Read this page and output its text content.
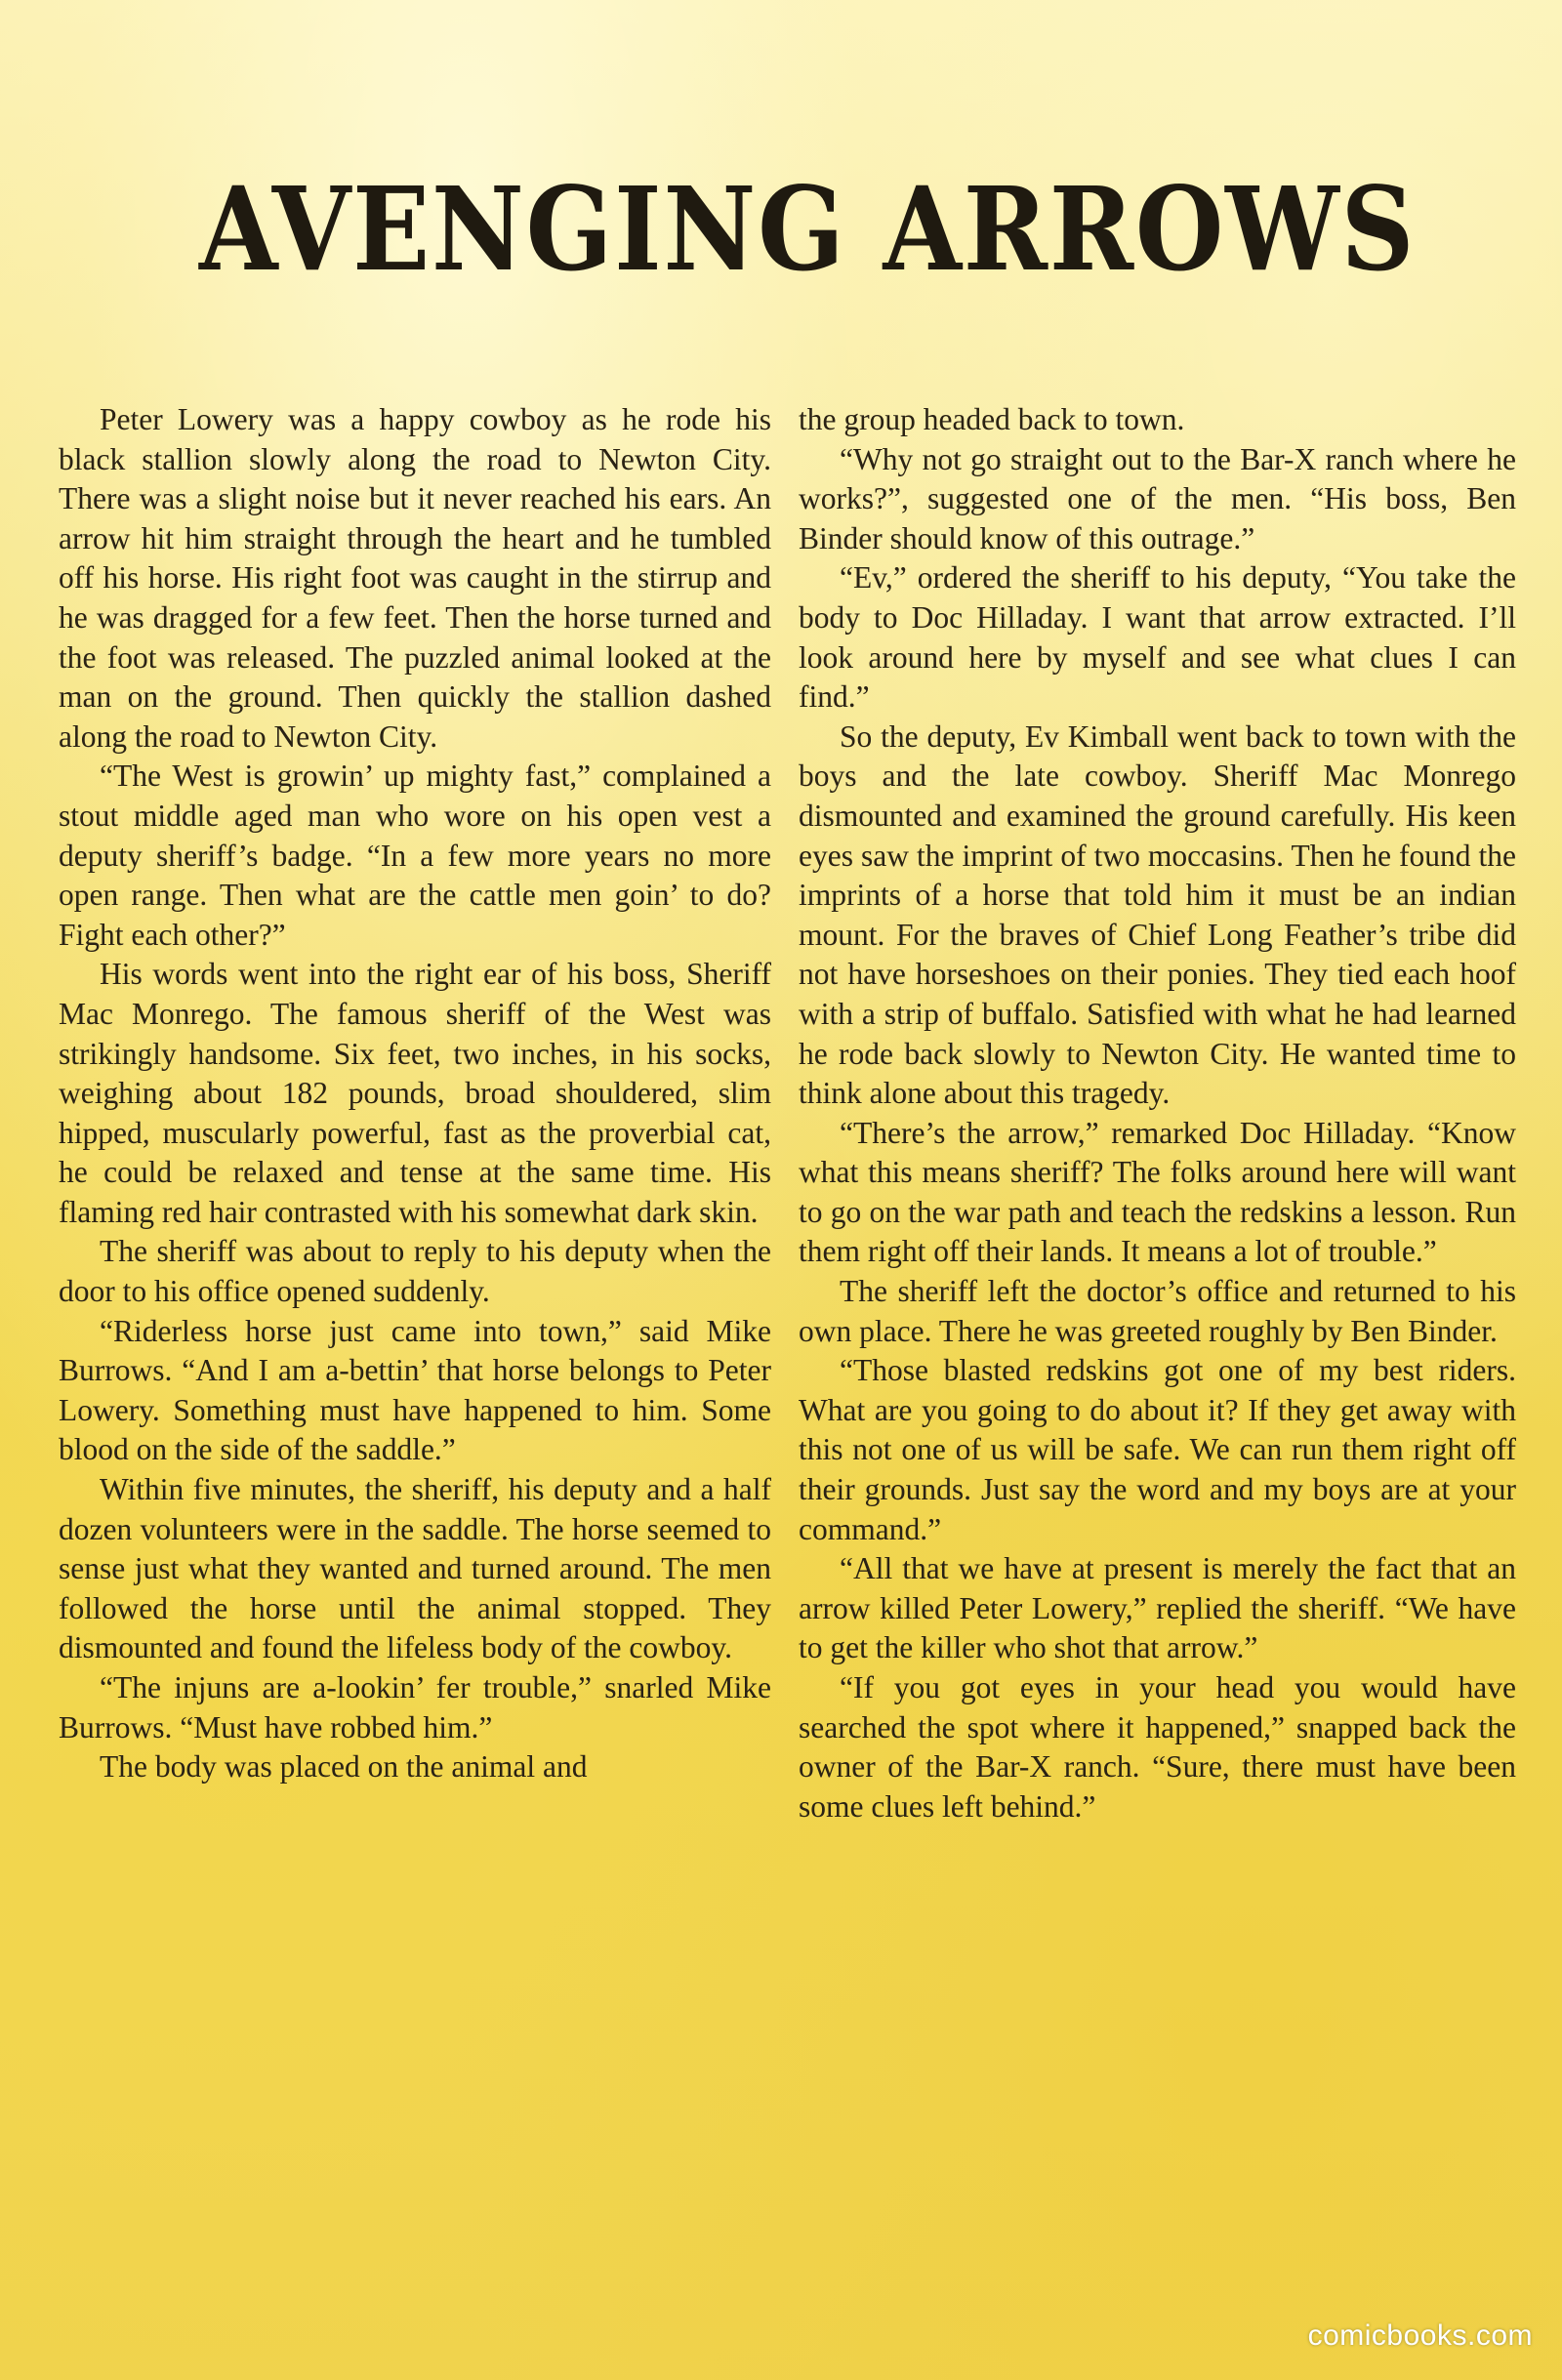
AVENGING ARROWS

Peter Lowery was a happy cowboy as he rode his black stallion slowly along the road to Newton City. There was a slight noise but it never reached his ears. An arrow hit him straight through the heart and he tumbled off his horse. His right foot was caught in the stirrup and he was dragged for a few feet. Then the horse turned and the foot was released. The puzzled animal looked at the man on the ground. Then quickly the stallion dashed along the road to Newton City.

“The West is growin’ up mighty fast,” complained a stout middle aged man who wore on his open vest a deputy sheriff’s badge. “In a few more years no more open range. Then what are the cattle men goin’ to do? Fight each other?”

His words went into the right ear of his boss, Sheriff Mac Monrego. The famous sheriff of the West was strikingly handsome. Six feet, two inches, in his socks, weighing about 182 pounds, broad shouldered, slim hipped, muscularly powerful, fast as the proverbial cat, he could be relaxed and tense at the same time. His flaming red hair contrasted with his somewhat dark skin.

The sheriff was about to reply to his deputy when the door to his office opened suddenly.

“Riderless horse just came into town,” said Mike Burrows. “And I am a-bettin’ that horse belongs to Peter Lowery. Something must have happened to him. Some blood on the side of the saddle.”

Within five minutes, the sheriff, his deputy and a half dozen volunteers were in the saddle. The horse seemed to sense just what they wanted and turned around. The men followed the horse until the animal stopped. They dismounted and found the lifeless body of the cowboy.

“The injuns are a-lookin’ fer trouble,” snarled Mike Burrows. “Must have robbed him.”

The body was placed on the animal and

the group headed back to town.

“Why not go straight out to the Bar-X ranch where he works?”, suggested one of the men. “His boss, Ben Binder should know of this outrage.”

“Ev,” ordered the sheriff to his deputy, “You take the body to Doc Hilladay. I want that arrow extracted. I’ll look around here by myself and see what clues I can find.”

So the deputy, Ev Kimball went back to town with the boys and the late cowboy. Sheriff Mac Monrego dismounted and examined the ground carefully. His keen eyes saw the imprint of two moccasins. Then he found the imprints of a horse that told him it must be an indian mount. For the braves of Chief Long Feather’s tribe did not have horseshoes on their ponies. They tied each hoof with a strip of buffalo. Satisfied with what he had learned he rode back slowly to Newton City. He wanted time to think alone about this tragedy.

“There’s the arrow,” remarked Doc Hilladay. “Know what this means sheriff? The folks around here will want to go on the war path and teach the redskins a lesson. Run them right off their lands. It means a lot of trouble.”

The sheriff left the doctor’s office and returned to his own place. There he was greeted roughly by Ben Binder.

“Those blasted redskins got one of my best riders. What are you going to do about it? If they get away with this not one of us will be safe. We can run them right off their grounds. Just say the word and my boys are at your command.”

“All that we have at present is merely the fact that an arrow killed Peter Lowery,” replied the sheriff. “We have to get the killer who shot that arrow.”

“If you got eyes in your head you would have searched the spot where it happened,” snapped back the owner of the Bar-X ranch. “Sure, there must have been some clues left behind.”

comicbooks.com
